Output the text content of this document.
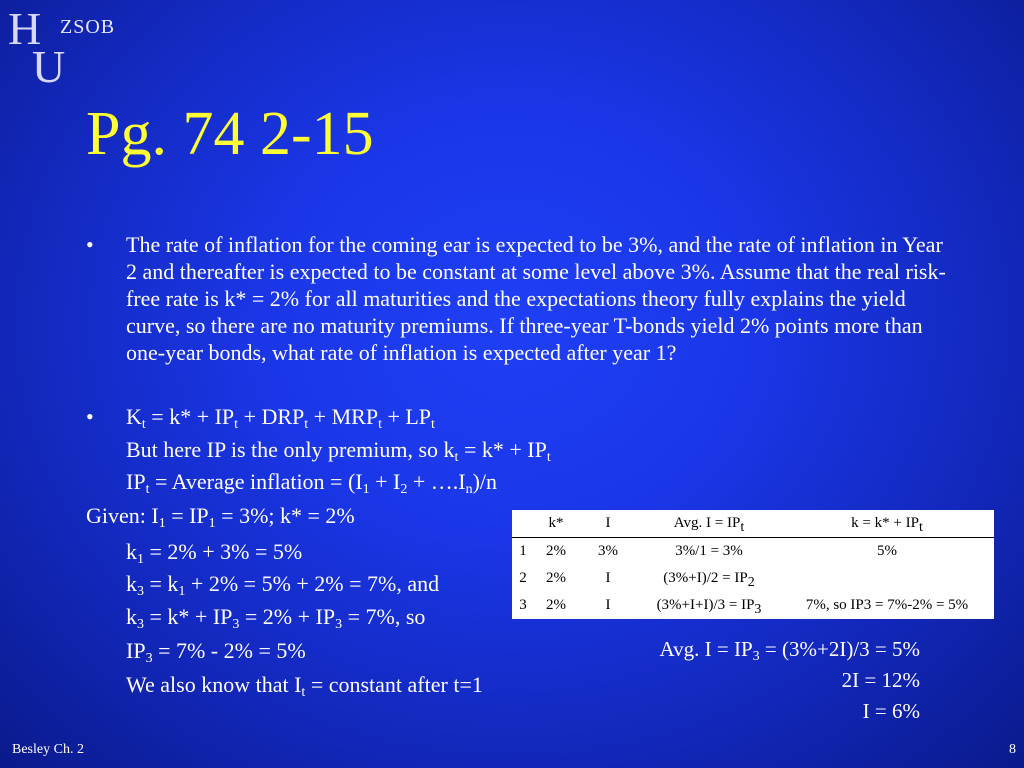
H
U
ZSOB
Pg. 74 2-15
•	The rate of inflation for the coming ear is expected to be 3%, and the rate of inflation in Year 2 and thereafter is expected to be constant at some level above 3%. Assume that the real risk-free rate is k* = 2% for all maturities and the expectations theory fully explains the yield curve, so there are no maturity premiums. If three-year T-bonds yield 2% points more than one-year bonds, what rate of inflation is expected after year 1?
•	$K_t = k* + IP_t + DRP_t + MRP_t + LP_t$
But here IP is the only premium, so $k_t = k* + IP_t$
$IP_t$ = Average inflation = ($I_1 + I_2$ + $\dots.I_n)/n$
Given: $I_1 = IP_1 = 3\%$; k* = 2%
$k_1 = 2\% + 3\% = 5\%$
$k_3 = k_1 + 2\% = 5\% + 2\% = 7\%$, and
$k_3 = k* + IP_3 = 2\% + IP_3 = 7\%$, so
$IP_3 = 7\% - 2\% = 5\%$
We also know that $I_t$ = constant after t=1
	k*	I	Avg. $I = IP_t$	$k = k* + IP_t$
1	2%	3%	3%/1 = 3%	5%
2	2%	I	$(3\%+I)/2 = IP_2$	
3	2%	I	$(3\%+I+I)/3 = IP_3$	7%, so IP3 = 7%-2% = 5%
Avg. $I = IP_3 = (3\%+2I)/3 = 5\%$
2I = 12%
I = 6%
Besley Ch. 2	8
